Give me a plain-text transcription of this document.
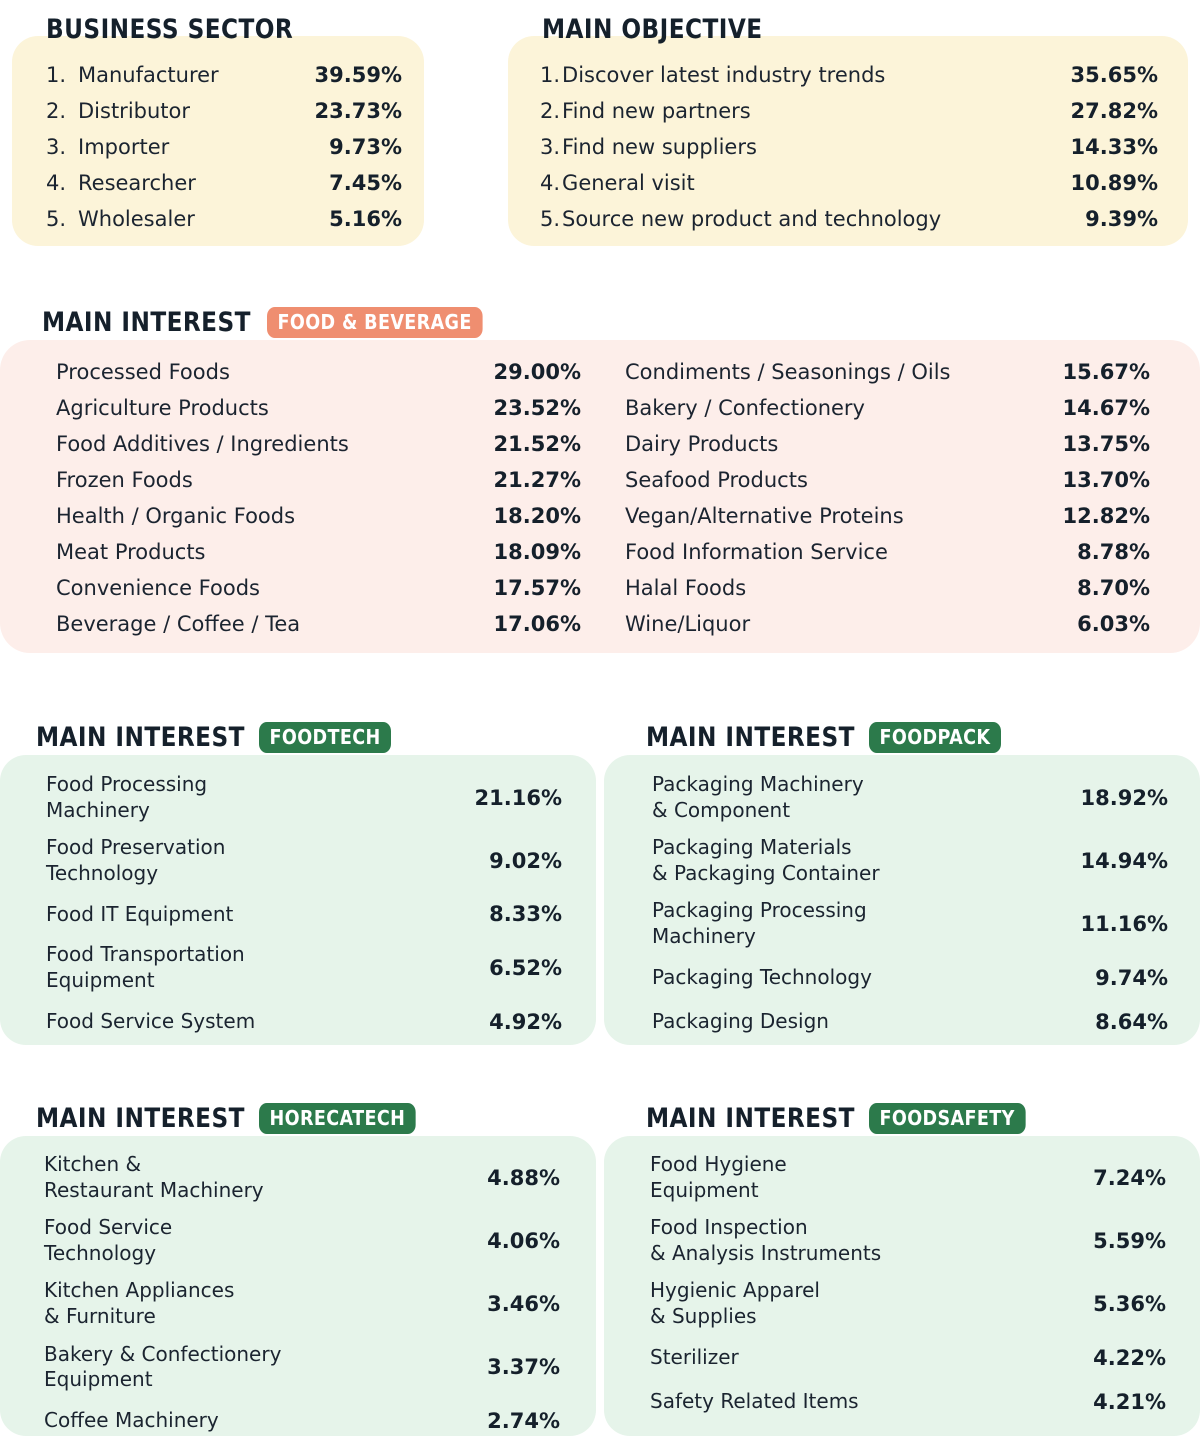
BUSINESS SECTOR
1. Manufacturer	39.59%
2. Distributor	23.73%
3. Importer	9.73%
4. Researcher	7.45%
5. Wholesaler	5.16%
MAIN OBJECTIVE
1. Discover latest industry trends	35.65%
2. Find new partners	27.82%
3. Find new suppliers	14.33%
4. General visit	10.89%
5. Source new product and technology	9.39%
MAIN INTEREST	FOOD & BEVERAGE
Processed Foods	29.00% Condiments / Seasonings / Oils	15.67%
Agriculture Products	23.52% Bakery / Confectionery	14.67%
Food Additives / Ingredients	21.52% Dairy Products	13.75%
Frozen Foods	21.27% Seafood Products	13.70%
Health / Organic Foods	18.20% Vegan/Alternative Proteins	12.82%
Meat Products	18.09% Food Information Service	8.78%
Convenience Foods	17.57% Halal Foods	8.70%
Beverage / Coffee / Tea	17.06% Wine/Liquor	6.03%
MAIN INTEREST	FOODTECH
Food Processing
Machinery	21.16%
Food Preservation
Technology	9.02%
Food IT Equipment	8.33%
Food Transportation
Equipment	6.52%
Food Service System	4.92%
MAIN INTEREST	FOODPACK
Packaging Machinery
& Component	18.92%
Packaging Materials
& Packaging Container	14.94%
Packaging Processing
Machinery	11.16%
Packaging Technology	9.74%
Packaging Design	8.64%
MAIN INTEREST	HORECATECH
Kitchen &
Restaurant Machinery	4.88%
Food Service
Technology	4.06%
Kitchen Appliances
& Furniture	3.46%
Bakery & Confectionery
Equipment	3.37%
Coffee Machinery	2.74%
MAIN INTEREST	FOODSAFETY
Food Hygiene
Equipment	7.24%
Food Inspection
& Analysis Instruments	5.59%
Hygienic Apparel
& Supplies	5.36%
Sterilizer	4.22%
Safety Related Items	4.21%
